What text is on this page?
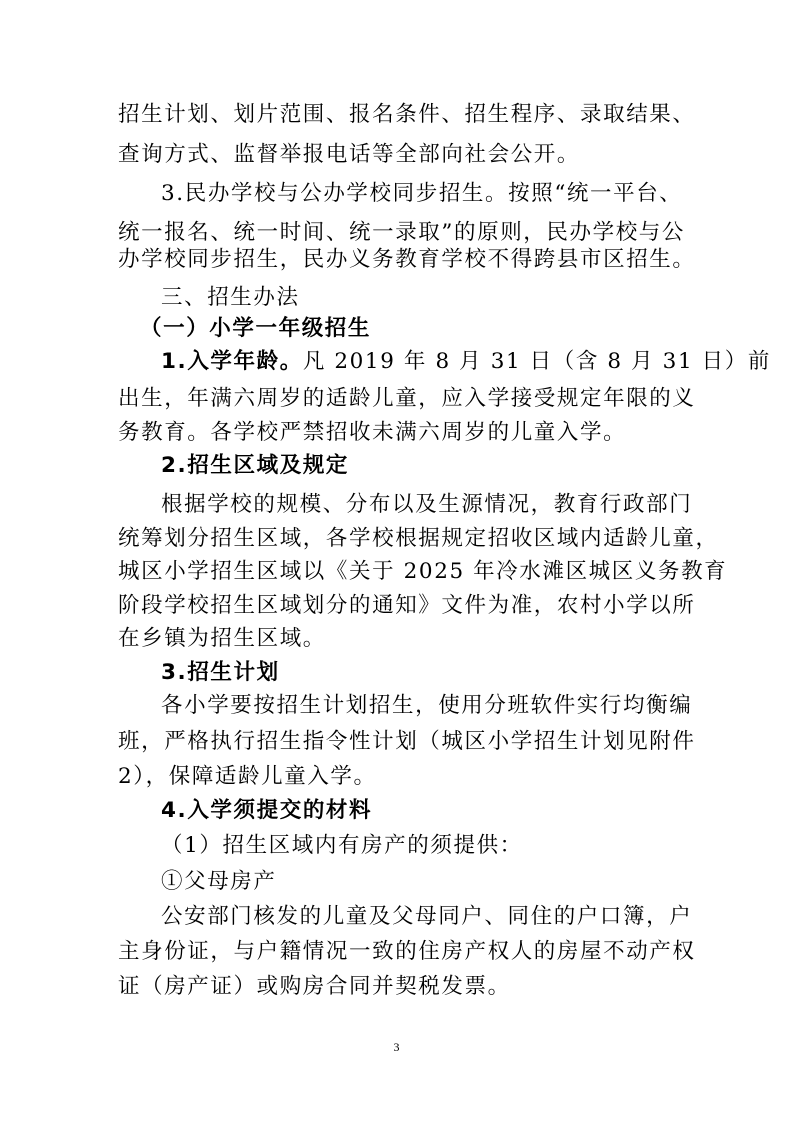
招生计划、划片范围、报名条件、招生程序、录取结果、
查询方式、监督举报电话等全部向社会公开。
3.民办学校与公办学校同步招生。按照“统一平台、
统一报名、统一时间、统一录取”的原则，民办学校与公
办学校同步招生，民办义务教育学校不得跨县市区招生。
三、招生办法
（一）小学一年级招生
1.入学年龄。凡 2019 年 8 月 31 日（含 8 月 31 日）前
出生，年满六周岁的适龄儿童，应入学接受规定年限的义
务教育。各学校严禁招收未满六周岁的儿童入学。
2.招生区域及规定
根据学校的规模、分布以及生源情况，教育行政部门
统筹划分招生区域，各学校根据规定招收区域内适龄儿童，
城区小学招生区域以《关于 2025 年冷水滩区城区义务教育
阶段学校招生区域划分的通知》文件为准，农村小学以所
在乡镇为招生区域。
3.招生计划
各小学要按招生计划招生，使用分班软件实行均衡编
班，严格执行招生指令性计划（城区小学招生计划见附件
2），保障适龄儿童入学。
4.入学须提交的材料
（1）招生区域内有房产的须提供：
①父母房产
公安部门核发的儿童及父母同户、同住的户口簿，户
主身份证，与户籍情况一致的住房产权人的房屋不动产权
证（房产证）或购房合同并契税发票。
3
